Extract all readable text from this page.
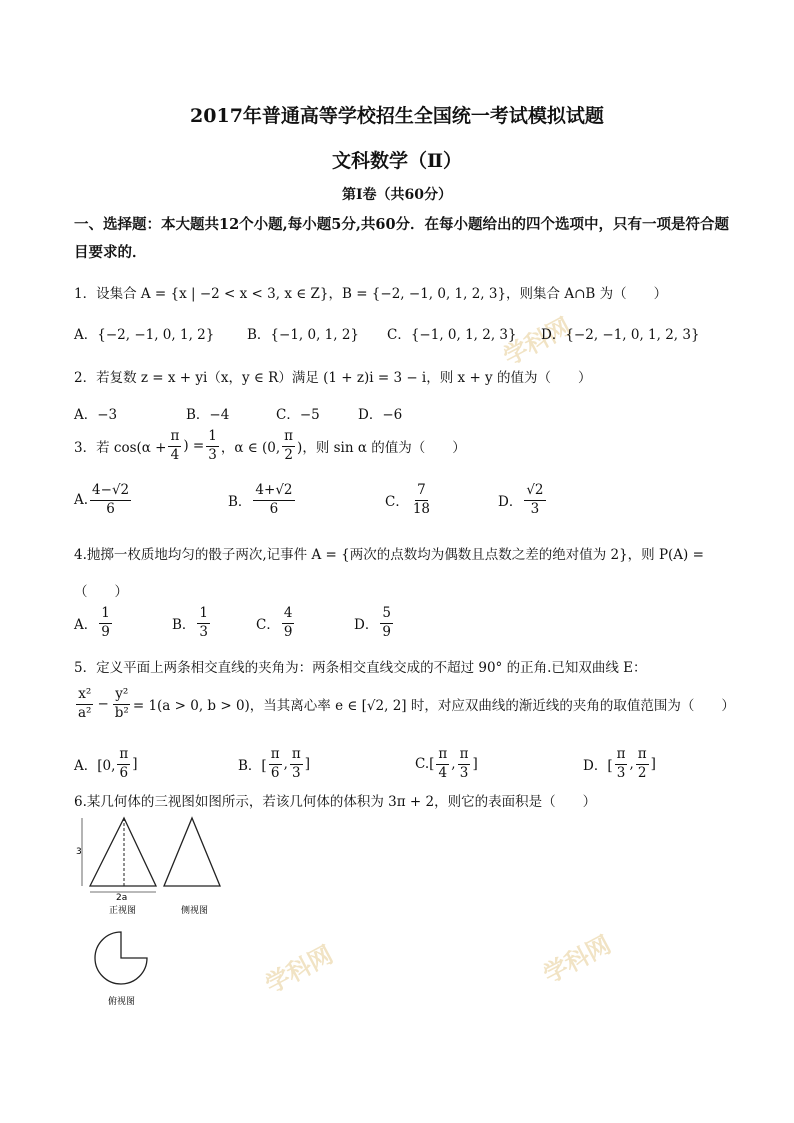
学科网
学科网	学科网
2017年普通高等学校招生全国统一考试模拟试题
文科数学（Ⅱ）
第Ⅰ卷（共60分）
一、选择题：本大题共12个小题,每小题5分,共60分．在每小题给出的四个选项中，只有一项是符合题目要求的．
1．设集合 A = {x | −2 < x < 3, x ∈ Z}，B = {−2, −1, 0, 1, 2, 3}，则集合 A∩B 为（　　）
A．{−2, −1, 0, 1, 2} B．{−1, 0, 1, 2} C．{−1, 0, 1, 2, 3} D．{−2, −1, 0, 1, 2, 3}
2．若复数 z = x + yi（x，y ∈ R）满足 (1 + z)i = 3 − i，则 x + y 的值为（　　）
A．−3	B．−4	C．−5	D．−6
3．若 $\cos(\alpha + \frac{\pi}{4}$ ) = $\frac{1}{3}$ ，α ∈ (0, $\frac{\pi}{2}$ )，则 sin α 的值为（　　）
A. $\frac{4-√2}{6}$	B． $\frac{4+√2}{6}$	C． $\frac{7}{18}$	D． $\frac{√2}{3}$
4.抛掷一枚质地均匀的骰子两次,记事件 A = {两次的点数均为偶数且点数之差的绝对值为 2}，则 P(A) =
（　　）
A． $\frac{1}{9}$	B． $\frac{1}{3}$	C． $\frac{4}{9}$	D． $\frac{5}{9}$
5．定义平面上两条相交直线的夹角为：两条相交直线交成的不超过 90° 的正角.已知双曲线 E：
$\frac{\text{x²}}{\text{a²}} - \frac{\text{y²}}{\text{b²}} = 1(a > 0$, b > 0)，当其离心率 e ∈ [√2, 2] 时，对应双曲线的渐近线的夹角的取值范围为（　　）
A．[0, $\frac{\pi}{6}$ ]	B．[ $\frac{\pi}{6}$ , $\frac{\pi}{3}$ ]	$C.[ \frac{\pi}{4}$ , $\frac{\pi}{3}$ ]	D．[ $\frac{\pi}{3}$ , $\frac{\pi}{2}$ ]
6.某几何体的三视图如图所示，若该几何体的体积为 3π + 2，则它的表面积是（　　）
3
2a
正视图	侧视图
俯视图
